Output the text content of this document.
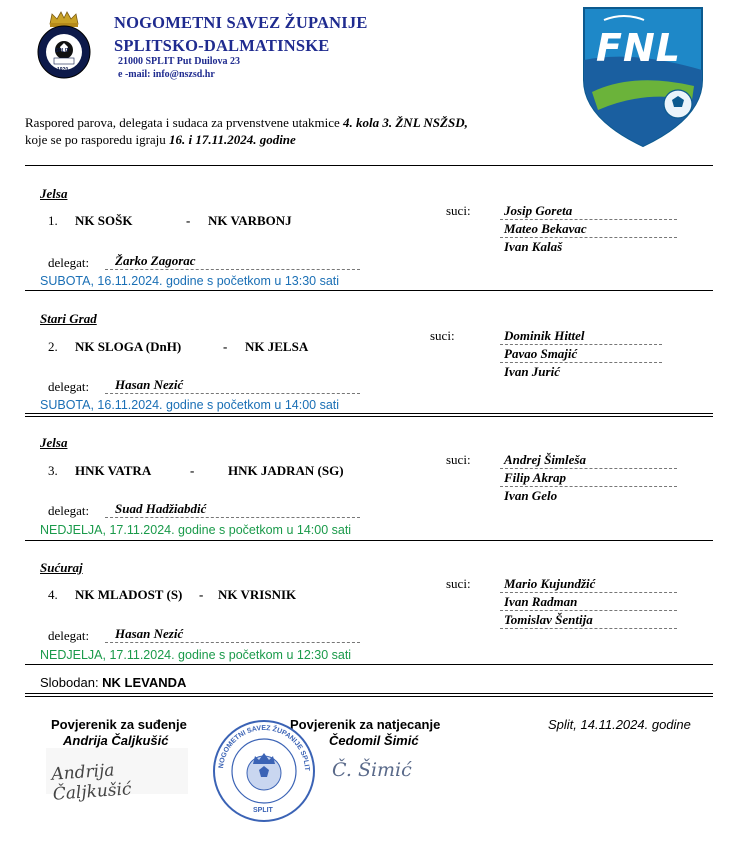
SPLIT
1920
NOGOMETNI SAVEZ ŽUPANIJE
SPLITSKO-DALMATINSKE
21000 SPLIT Put Duilova 23
e -mail: info@nszsd.hr
FNL
Raspored parova, delegata i sudaca za prvenstvene utakmice 4. kola 3. ŽNL NSŽSD,
koje se po rasporedu igraju 16. i 17.11.2024. godine
Jelsa
1. NK SOŠK	- NK VARBONJ
suci:	Josip Goreta
Mateo Bekavac
Ivan Kalaš
delegat: Žarko Zagorac
SUBOTA, 16.11.2024. godine s početkom u 13:30 sati
Stari Grad
2. NK SLOGA (DnH)	- NK JELSA
suci:	Dominik Hittel
Pavao Smajić
Ivan Jurić
delegat: Hasan Nezić
SUBOTA, 16.11.2024. godine s početkom u 14:00 sati
Jelsa
3. HNK VATRA	-	HNK JADRAN (SG)
suci:	Andrej Šimleša
Filip Akrap
Ivan Gelo
delegat: Suad Hadžiabdić
NEDJELJA, 17.11.2024. godine s početkom u 14:00 sati
Sućuraj
4. NK MLADOST (S) - NK VRISNIK
suci:	Mario Kujundžić
Ivan Radman
Tomislav Šentija
delegat: Hasan Nezić
NEDJELJA, 17.11.2024. godine s početkom u 12:30 sati
Slobodan: NK LEVANDA
Povjerenik za suđenje
Andrija Čaljkušić
Andrija Čaljkušić
Povjerenik za natjecanje
Čedomil Šimić
Č. Šimić
Split, 14.11.2024. godine
NOGOMETNI SAVEZ ŽUPANIJE SPLIT
SPLIT
